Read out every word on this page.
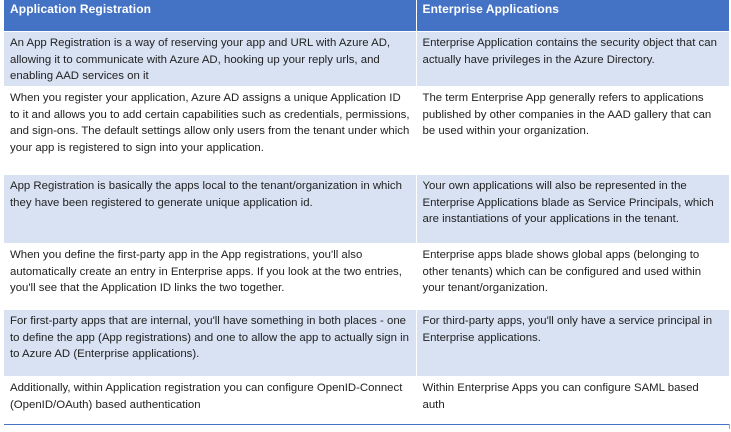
Application Registration	Enterprise Applications
An App Registration is a way of reserving your app and URL with Azure AD, allowing it to communicate with Azure AD, hooking up your reply urls, and enabling AAD services on it	Enterprise Application contains the security object that can actually have privileges in the Azure Directory.
When you register your application, Azure AD assigns a unique Application ID to it and allows you to add certain capabilities such as credentials, permissions, and sign-ons. The default settings allow only users from the tenant under which your app is registered to sign into your application.	The term Enterprise App generally refers to applications published by other companies in the AAD gallery that can be used within your organization.
App Registration is basically the apps local to the tenant/organization in which they have been registered to generate unique application id.	Your own applications will also be represented in the Enterprise Applications blade as Service Principals, which are instantiations of your applications in the tenant.
When you define the first-party app in the App registrations, you'll also automatically create an entry in Enterprise apps. If you look at the two entries, you'll see that the Application ID links the two together.	Enterprise apps blade shows global apps (belonging to other tenants) which can be configured and used within your tenant/organization.
For first-party apps that are internal, you'll have something in both places - one to define the app (App registrations) and one to allow the app to actually sign in to Azure AD (Enterprise applications).	For third-party apps, you'll only have a service principal in Enterprise applications.
Additionally, within Application registration you can configure OpenID-Connect (OpenID/OAuth) based authentication	Within Enterprise Apps you can configure SAML based auth
